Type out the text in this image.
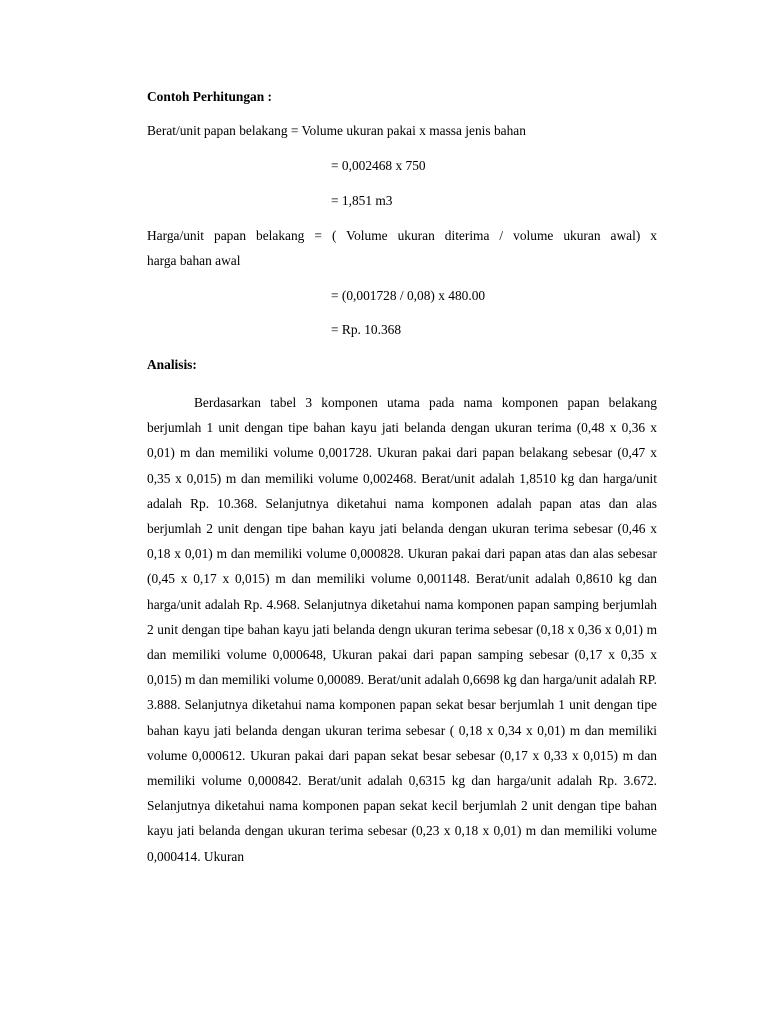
Contoh Perhitungan :
Berat/unit papan belakang = Volume ukuran pakai x massa jenis bahan
= 0,002468 x 750
= 1,851 m3
Harga/unit papan belakang = ( Volume ukuran diterima / volume ukuran awal) x
harga bahan awal
= (0,001728 / 0,08) x 480.00
= Rp. 10.368
Analisis:

Berdasarkan tabel 3 komponen utama pada nama komponen papan belakang berjumlah 1 unit dengan tipe bahan kayu jati belanda dengan ukuran terima (0,48 x 0,36 x 0,01) m dan memiliki volume 0,001728. Ukuran pakai dari papan belakang sebesar (0,47 x 0,35 x 0,015) m dan memiliki volume 0,002468. Berat/unit adalah 1,8510 kg dan harga/unit adalah Rp. 10.368. Selanjutnya diketahui nama komponen adalah papan atas dan alas berjumlah 2 unit dengan tipe bahan kayu jati belanda dengan ukuran terima sebesar (0,46 x 0,18 x 0,01) m dan memiliki volume 0,000828. Ukuran pakai dari papan atas dan alas sebesar (0,45 x 0,17 x 0,015) m dan memiliki volume 0,001148. Berat/unit adalah 0,8610 kg dan harga/unit adalah Rp. 4.968. Selanjutnya diketahui nama komponen papan samping berjumlah 2 unit dengan tipe bahan kayu jati belanda dengn ukuran terima sebesar (0,18 x 0,36 x 0,01) m dan memiliki volume 0,000648, Ukuran pakai dari papan samping sebesar (0,17 x 0,35 x 0,015) m dan memiliki volume 0,00089. Berat/unit adalah 0,6698 kg dan harga/unit adalah RP. 3.888. Selanjutnya diketahui nama komponen papan sekat besar berjumlah 1 unit dengan tipe bahan kayu jati belanda dengan ukuran terima sebesar ( 0,18 x 0,34 x 0,01) m dan memiliki volume 0,000612. Ukuran pakai dari papan sekat besar sebesar (0,17 x 0,33 x 0,015) m dan memiliki volume 0,000842. Berat/unit adalah 0,6315 kg dan harga/unit adalah Rp. 3.672. Selanjutnya diketahui nama komponen papan sekat kecil berjumlah 2 unit dengan tipe bahan kayu jati belanda dengan ukuran terima sebesar (0,23 x 0,18 x 0,01) m dan memiliki volume 0,000414. Ukuran
